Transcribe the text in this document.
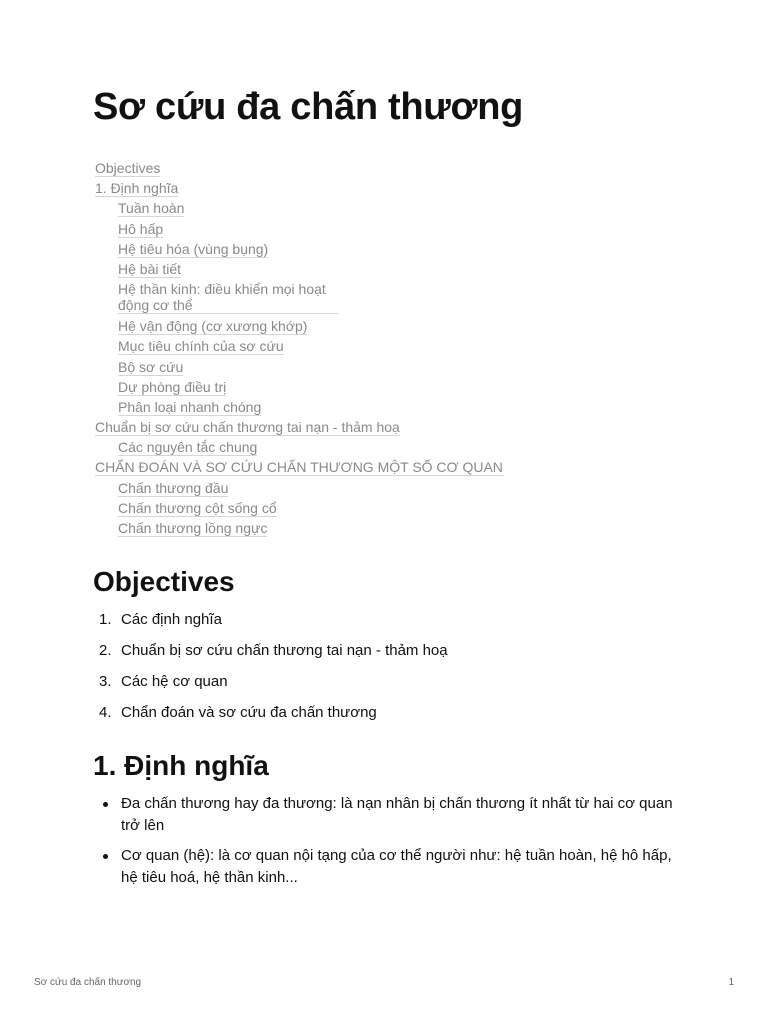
Sơ cứu đa chấn thương
Objectives
1. Định nghĩa
Tuần hoàn
Hô hấp
Hệ tiêu hóa (vùng bụng)
Hệ bài tiết
Hệ thần kinh: điều khiển mọi hoạt động cơ thể
Hệ vận động (cơ xương khớp)
Mục tiêu chính của sơ cứu
Bộ sơ cứu
Dự phòng điều trị
Phân loại nhanh chóng
Chuẩn bị sơ cứu chấn thương tai nạn - thảm hoạ
Các nguyên tắc chung
CHẨN ĐOÁN VÀ SƠ CỨU CHẤN THƯƠNG MỘT SỐ CƠ QUAN
Chấn thương đầu
Chấn thương cột sống cổ
Chấn thương lồng ngực
Objectives
1. Các định nghĩa
2. Chuẩn bị sơ cứu chấn thương tai nạn - thảm hoạ
3. Các hệ cơ quan
4. Chẩn đoán và sơ cứu đa chấn thương
1. Định nghĩa
Đa chấn thương hay đa thương: là nạn nhân bị chấn thương ít nhất từ hai cơ quan trở lên
Cơ quan (hệ): là cơ quan nội tạng của cơ thể người như: hệ tuần hoàn, hệ hô hấp, hệ tiêu hoá, hệ thần kinh...
Sơ cứu đa chấn thương	1
